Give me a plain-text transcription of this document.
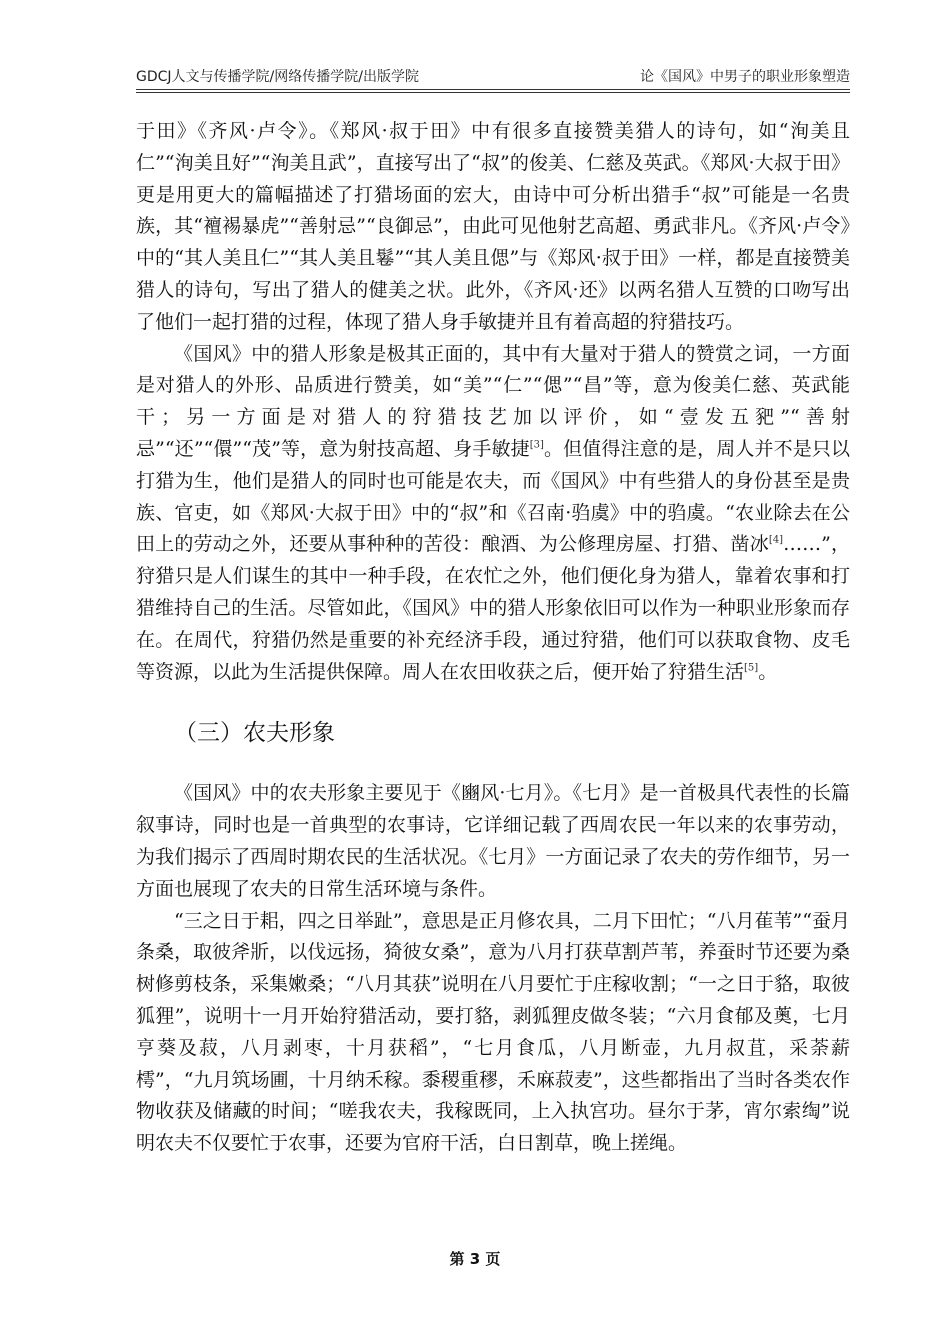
GDCJ人文与传播学院/网络传播学院/出版学院	论《国风》中男子的职业形象塑造

于田》《齐风·卢令》。《郑风·叔于田》中有很多直接赞美猎人的诗句，如“洵美且仁”“洵美且好”“洵美且武”，直接写出了“叔”的俊美、仁慈及英武。《郑风·大叔于田》更是用更大的篇幅描述了打猎场面的宏大，由诗中可分析出猎手“叔”可能是一名贵族，其“襢裼暴虎”“善射忌”“良御忌”，由此可见他射艺高超、勇武非凡。《齐风·卢令》中的“其人美且仁”“其人美且鬈”“其人美且偲”与《郑风·叔于田》一样，都是直接赞美猎人的诗句，写出了猎人的健美之状。此外，《齐风·还》以两名猎人互赞的口吻写出了他们一起打猎的过程，体现了猎人身手敏捷并且有着高超的狩猎技巧。

《国风》中的猎人形象是极其正面的，其中有大量对于猎人的赞赏之词，一方面是对猎人的外形、品质进行赞美，如“美”“仁”“偲”“昌”等，意为俊美仁慈、英武能干；另一方面是对猎人的狩猎技艺加以评价，如“壹发五豝”“善射忌”“还”“儇”“茂”等，意为射技高超、身手敏捷[3]。但值得注意的是，周人并不是只以打猎为生，他们是猎人的同时也可能是农夫，而《国风》中有些猎人的身份甚至是贵族、官吏，如《郑风·大叔于田》中的“叔”和《召南·驺虞》中的驺虞。“农业除去在公田上的劳动之外，还要从事种种的苦役：酿酒、为公修理房屋、打猎、凿冰[4]……”，狩猎只是人们谋生的其中一种手段，在农忙之外，他们便化身为猎人，靠着农事和打猎维持自己的生活。尽管如此，《国风》中的猎人形象依旧可以作为一种职业形象而存在。在周代，狩猎仍然是重要的补充经济手段，通过狩猎，他们可以获取食物、皮毛等资源，以此为生活提供保障。周人在农田收获之后，便开始了狩猎生活[5]。

（三）农夫形象

《国风》中的农夫形象主要见于《豳风·七月》。《七月》是一首极具代表性的长篇叙事诗，同时也是一首典型的农事诗，它详细记载了西周农民一年以来的农事劳动，为我们揭示了西周时期农民的生活状况。《七月》一方面记录了农夫的劳作细节，另一方面也展现了农夫的日常生活环境与条件。

“三之日于耜，四之日举趾”，意思是正月修农具，二月下田忙；“八月萑苇”“蚕月条桑，取彼斧斨，以伐远扬，猗彼女桑”，意为八月打获草割芦苇，养蚕时节还要为桑树修剪枝条，采集嫩桑；“八月其获”说明在八月要忙于庄稼收割；“一之日于貉，取彼狐狸”，说明十一月开始狩猎活动，要打貉，剥狐狸皮做冬装；“六月食郁及薁，七月亨葵及菽，八月剥枣，十月获稻”，“七月食瓜，八月断壶，九月叔苴，采荼薪樗”，“九月筑场圃，十月纳禾稼。黍稷重穋，禾麻菽麦”，这些都指出了当时各类农作物收获及储藏的时间；“嗟我农夫，我稼既同，上入执宫功。昼尔于茅，宵尔索绹”说明农夫不仅要忙于农事，还要为官府干活，白日割草，晚上搓绳。

第 3 页
